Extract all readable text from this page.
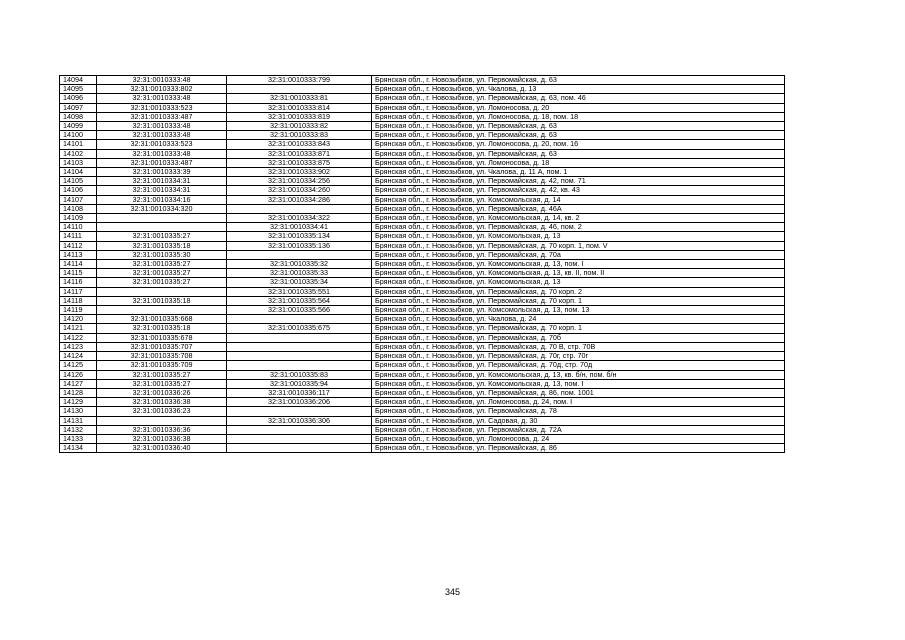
14094	32:31:0010333:48	32:31:0010333:799	Брянская обл., г. Новозыбков, ул. Первомайская, д. 63
14095	32:31:0010333:802		Брянская обл., г. Новозыбков, ул. Чкалова, д. 13
14096	32:31:0010333:48	32:31:0010333:81	Брянская обл., г. Новозыбков, ул. Первомайская, д. 63, пом. 46
14097	32:31:0010333:523	32:31:0010333:814	Брянская обл., г. Новозыбков, ул. Ломоносова, д. 20
14098	32:31:0010333:487	32:31:0010333:819	Брянская обл., г. Новозыбков, ул. Ломоносова, д. 18, пом. 18
14099	32:31:0010333:48	32:31:0010333:82	Брянская обл., г. Новозыбков, ул. Первомайская, д. 63
14100	32:31:0010333:48	32:31:0010333:83	Брянская обл., г. Новозыбков, ул. Первомайская, д. 63
14101	32:31:0010333:523	32:31:0010333:843	Брянская обл., г. Новозыбков, ул. Ломоносова, д. 20, пом. 16
14102	32:31:0010333:48	32:31:0010333:871	Брянская обл., г. Новозыбков, ул. Первомайская, д. 63
14103	32:31:0010333:487	32:31:0010333:875	Брянская обл., г. Новозыбков, ул. Ломоносова, д. 18
14104	32:31:0010333:39	32:31:0010333:902	Брянская обл., г. Новозыбков, ул. Чкалова, д. 11 А, пом. 1
14105	32:31:0010334:31	32:31:0010334:256	Брянская обл., г. Новозыбков, ул. Первомайская, д. 42, пом. 71
14106	32:31:0010334:31	32:31:0010334:260	Брянская обл., г. Новозыбков, ул. Первомайская, д. 42, кв. 43
14107	32:31:0010334:16	32:31:0010334:286	Брянская обл., г. Новозыбков, ул. Комсомольская, д. 14
14108	32:31:0010334:320		Брянская обл., г. Новозыбков, ул. Первомайская, д. 46А
14109		32:31:0010334:322	Брянская обл., г. Новозыбков, ул. Комсомольская, д. 14, кв. 2
14110		32:31:0010334:41	Брянская обл., г. Новозыбков, ул. Первомайская, д. 46, пом. 2
14111	32:31:0010335:27	32:31:0010335:134	Брянская обл., г. Новозыбков, ул. Комсомольская, д. 13
14112	32:31:0010335:18	32:31:0010335:136	Брянская обл., г. Новозыбков, ул. Первомайская, д. 70 корп. 1, пом. V
14113	32:31:0010335:30		Брянская обл., г. Новозыбков, ул. Первомайская, д. 70а
14114	32:31:0010335:27	32:31:0010335:32	Брянская обл., г. Новозыбков, ул. Комсомольская, д. 13, пом. I
14115	32:31:0010335:27	32:31:0010335:33	Брянская обл., г. Новозыбков, ул. Комсомольская, д. 13, кв. II, пом. II
14116	32:31:0010335:27	32:31:0010335:34	Брянская обл., г. Новозыбков, ул. Комсомольская, д. 13
14117		32:31:0010335:551	Брянская обл., г. Новозыбков, ул. Первомайская, д. 70 корп. 2
14118	32:31:0010335:18	32:31:0010335:564	Брянская обл., г. Новозыбков, ул. Первомайская, д. 70 корп. 1
14119		32:31:0010335:566	Брянская обл., г. Новозыбков, ул. Комсомольская, д. 13, пом. 13
14120	32:31:0010335:668		Брянская обл., г. Новозыбков, ул. Чкалова, д. 24
14121	32:31:0010335:18	32:31:0010335:675	Брянская обл., г. Новозыбков, ул. Первомайская, д. 70 корп. 1
14122	32:31:0010335:678		Брянская обл., г. Новозыбков, ул. Первомайская, д. 70б
14123	32:31:0010335:707		Брянская обл., г. Новозыбков, ул. Первомайская, д. 70 В, стр. 70В
14124	32:31:0010335:708		Брянская обл., г. Новозыбков, ул. Первомайская, д. 70г, стр. 70г
14125	32:31:0010335:709		Брянская обл., г. Новозыбков, ул. Первомайская, д. 70д, стр. 70д
14126	32:31:0010335:27	32:31:0010335:83	Брянская обл., г. Новозыбков, ул. Комсомольская, д. 13, кв. б/н, пом. б/н
14127	32:31:0010335:27	32:31:0010335:94	Брянская обл., г. Новозыбков, ул. Комсомольская, д. 13, пом. I
14128	32:31:0010336:26	32:31:0010336:117	Брянская обл., г. Новозыбков, ул. Первомайская, д. 86, пом. 1001
14129	32:31:0010336:38	32:31:0010336:206	Брянская обл., г. Новозыбков, ул. Ломоносова, д. 24, пом. I
14130	32:31:0010336:23		Брянская обл., г. Новозыбков, ул. Первомайская, д. 78
14131		32:31:0010336:306	Брянская обл., г. Новозыбков, ул. Садовая, д. 30
14132	32:31:0010336:36		Брянская обл., г. Новозыбков, ул. Первомайская, д. 72А
14133	32:31:0010336:38		Брянская обл., г. Новозыбков, ул. Ломоносова, д. 24
14134	32:31:0010336:40		Брянская обл., г. Новозыбков, ул. Первомайская, д. 86
345
